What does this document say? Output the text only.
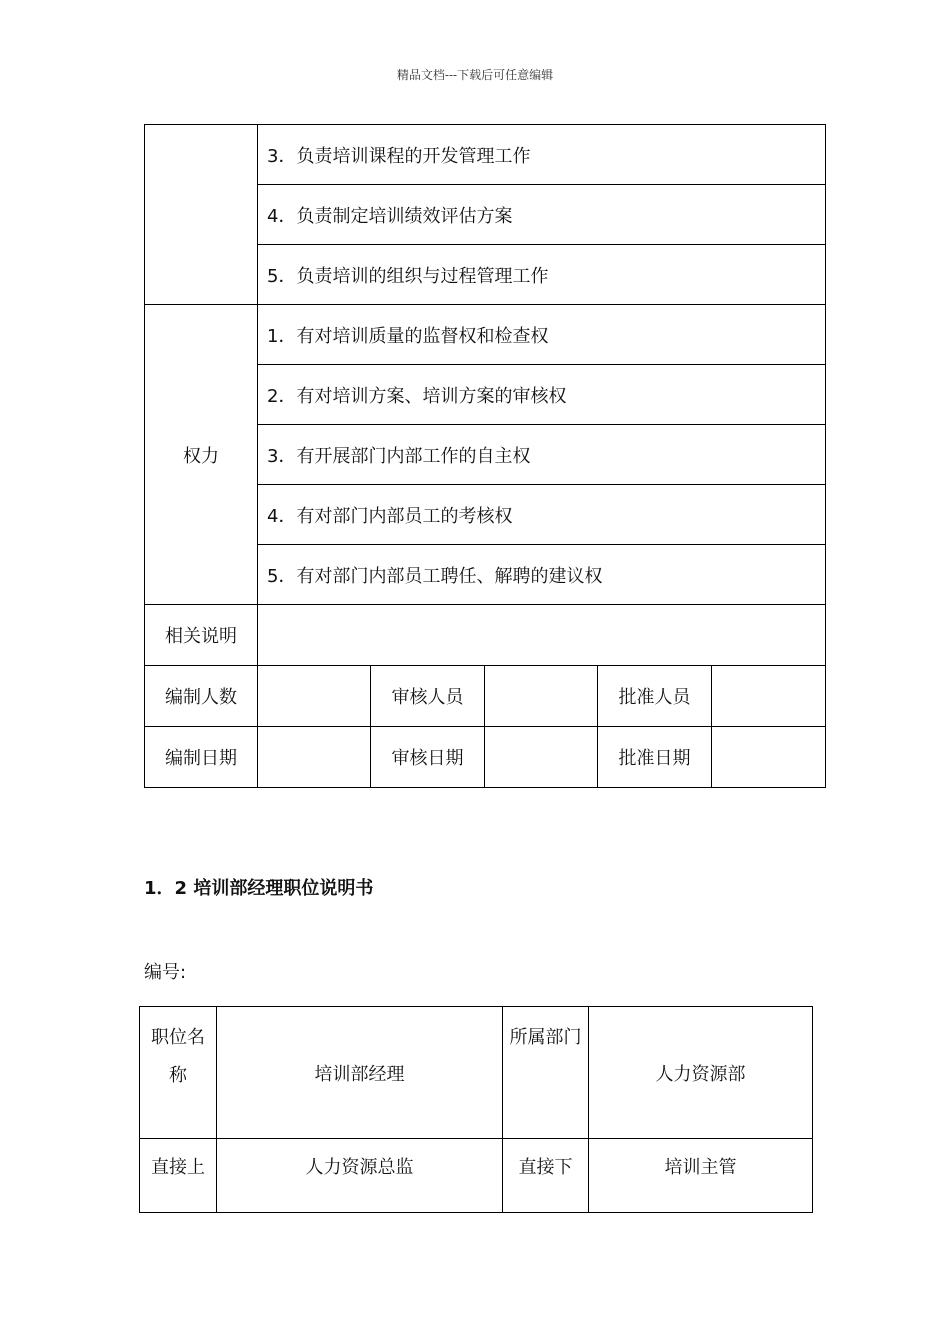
精品文档---下载后可任意编辑
	3．负责培训课程的开发管理工作				
	4．负责制定培训绩效评估方案				
	5．负责培训的组织与过程管理工作				
权力	1．有对培训质量的监督权和检查权				
	2．有对培训方案、培训方案的审核权				
	3．有开展部门内部工作的自主权				
	4．有对部门内部员工的考核权				
	5．有对部门内部员工聘任、解聘的建议权				
相关说明					
编制人数		审核人员		批准人员	
编制日期		审核日期		批准日期	
1．2 培训部经理职位说明书
编号:
职位名称	培训部经理	所属部门	人力资源部
直接上	人力资源总监	直接下	培训主管
